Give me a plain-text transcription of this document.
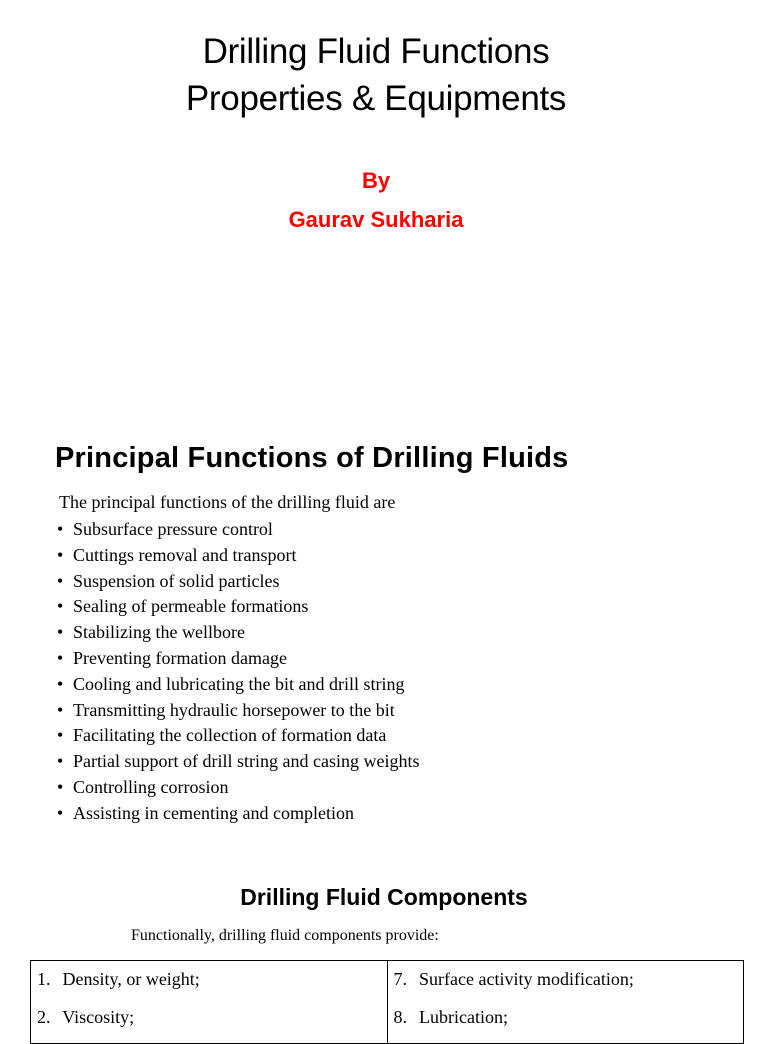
Drilling Fluid Functions
Properties & Equipments
By
Gaurav Sukharia
Principal Functions of Drilling Fluids
The principal functions of the drilling fluid are
• Subsurface pressure control
• Cuttings removal and transport
• Suspension of solid particles
• Sealing of permeable formations
• Stabilizing the wellbore
• Preventing formation damage
• Cooling and lubricating the bit and drill string
• Transmitting hydraulic horsepower to the bit
• Facilitating the collection of formation data
• Partial support of drill string and casing weights
• Controlling corrosion
• Assisting in cementing and completion
Drilling Fluid Components
Functionally, drilling fluid components provide:
1. Density, or weight;
2. Viscosity;

7. Surface activity modification;
8. Lubrication;
